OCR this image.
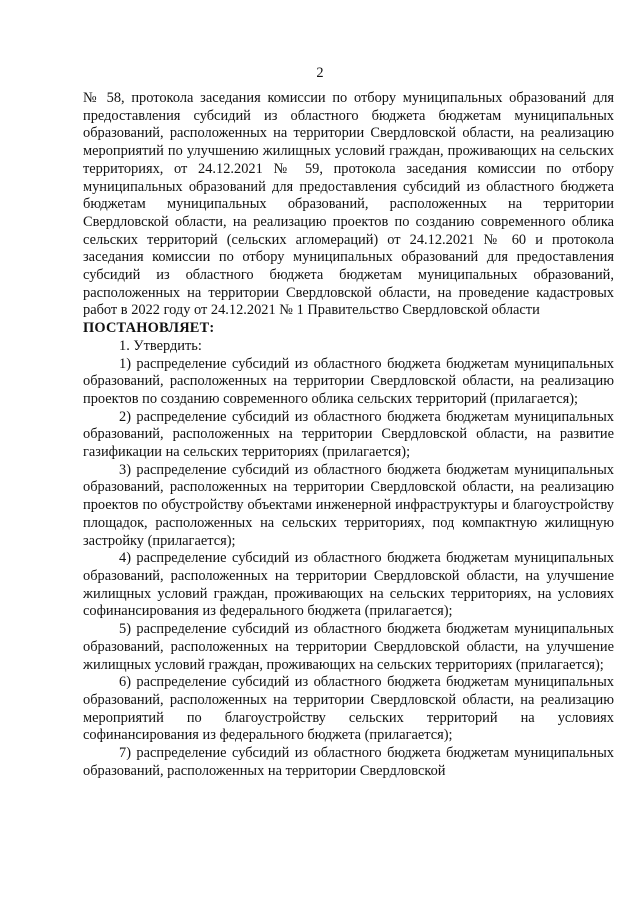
2

№ 58, протокола заседания комиссии по отбору муниципальных образований для предоставления субсидий из областного бюджета бюджетам муниципальных образований, расположенных на территории Свердловской области, на реализацию мероприятий по улучшению жилищных условий граждан, проживающих на сельских территориях, от 24.12.2021 № 59, протокола заседания комиссии по отбору муниципальных образований для предоставления субсидий из областного бюджета бюджетам муниципальных образований, расположенных на территории Свердловской области, на реализацию проектов по созданию современного облика сельских территорий (сельских агломераций) от 24.12.2021 № 60 и протокола заседания комиссии по отбору муниципальных образований для предоставления субсидий из областного бюджета бюджетам муниципальных образований, расположенных на территории Свердловской области, на проведение кадастровых работ в 2022 году от 24.12.2021 № 1 Правительство Свердловской области

ПОСТАНОВЛЯЕТ:

1. Утвердить:

1) распределение субсидий из областного бюджета бюджетам муниципальных образований, расположенных на территории Свердловской области, на реализацию проектов по созданию современного облика сельских территорий (прилагается);

2) распределение субсидий из областного бюджета бюджетам муниципальных образований, расположенных на территории Свердловской области, на развитие газификации на сельских территориях (прилагается);

3) распределение субсидий из областного бюджета бюджетам муниципальных образований, расположенных на территории Свердловской области, на реализацию проектов по обустройству объектами инженерной инфраструктуры и благоустройству площадок, расположенных на сельских территориях, под компактную жилищную застройку (прилагается);

4) распределение субсидий из областного бюджета бюджетам муниципальных образований, расположенных на территории Свердловской области, на улучшение жилищных условий граждан, проживающих на сельских территориях, на условиях софинансирования из федерального бюджета (прилагается);

5) распределение субсидий из областного бюджета бюджетам муниципальных образований, расположенных на территории Свердловской области, на улучшение жилищных условий граждан, проживающих на сельских территориях (прилагается);

6) распределение субсидий из областного бюджета бюджетам муниципальных образований, расположенных на территории Свердловской области, на реализацию мероприятий по благоустройству сельских территорий на условиях софинансирования из федерального бюджета (прилагается);

7) распределение субсидий из областного бюджета бюджетам муниципальных образований, расположенных на территории Свердловской
